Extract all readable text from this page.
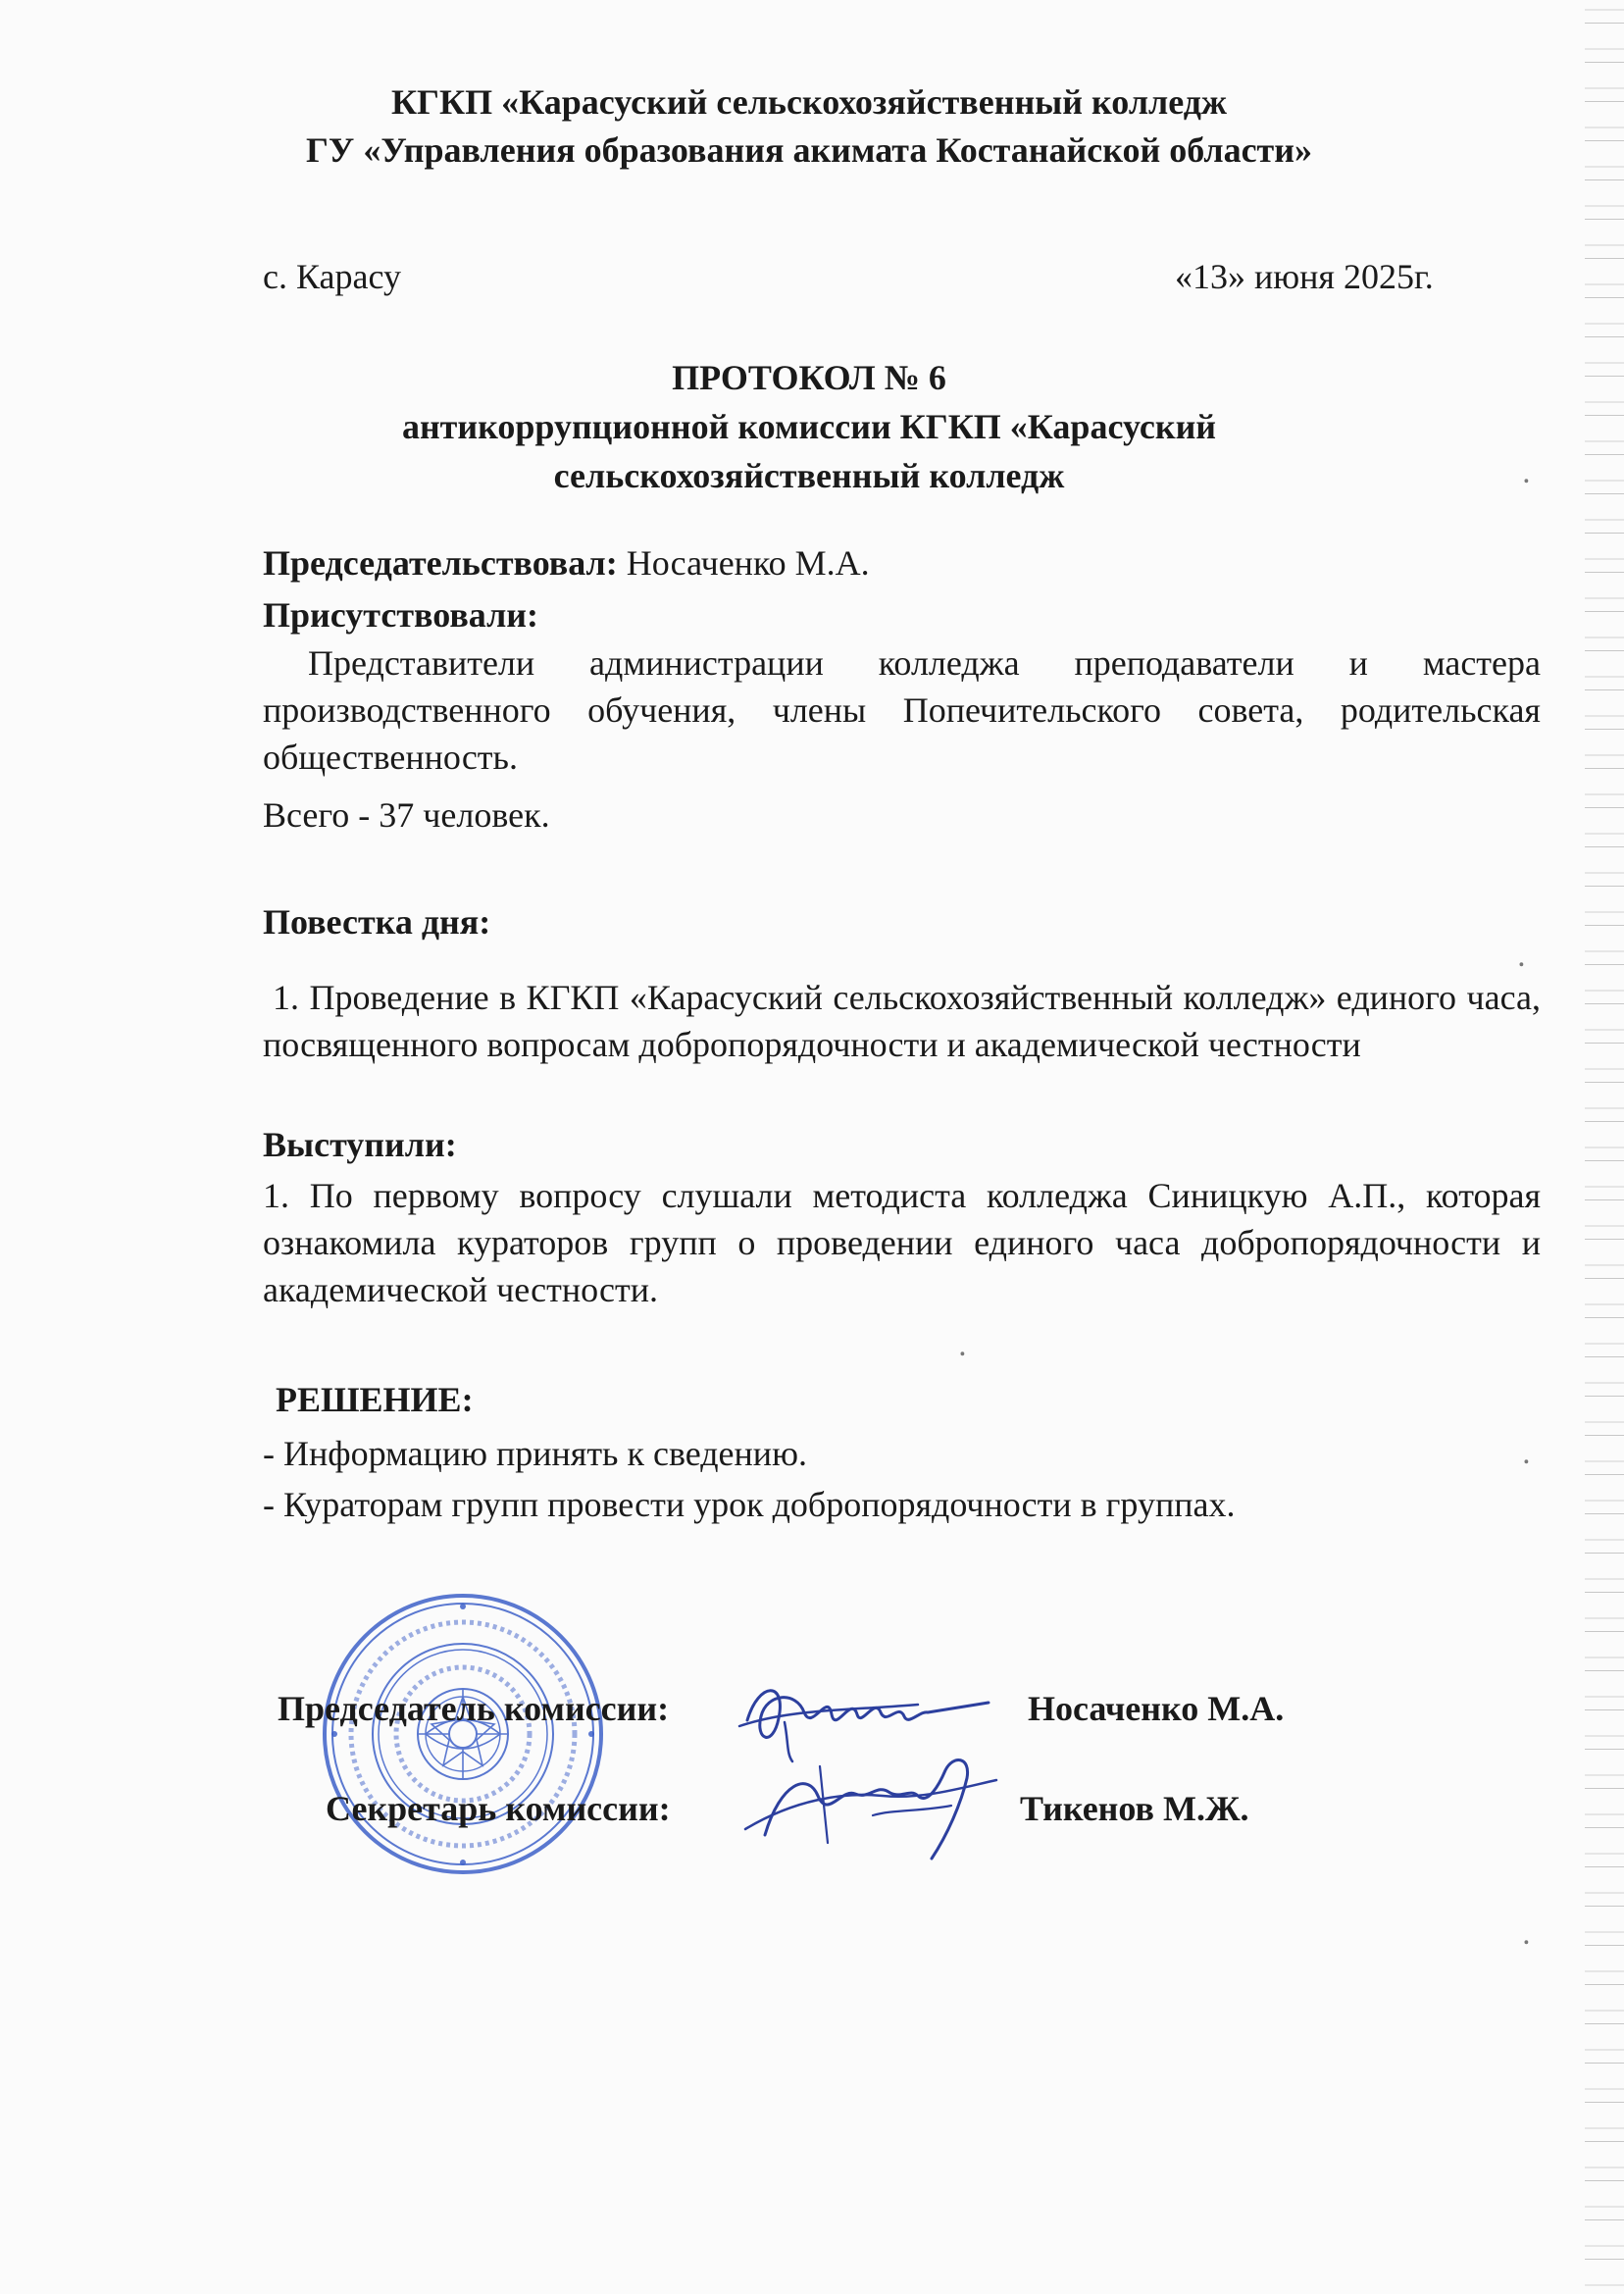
КГКП «Карасуский сельскохозяйственный колледж
ГУ «Управления образования акимата Костанайской области»
с. Карасу	«13» июня 2025г.
ПРОТОКОЛ № 6
антикоррупционной комиссии КГКП «Карасуский
сельскохозяйственный колледж
Председательствовал: Носаченко М.А.
Присутствовали:
Представители администрации колледжа преподаватели и мастера производственного обучения, члены Попечительского совета, родительская общественность.
Всего - 37 человек.
Повестка дня:
1. Проведение в КГКП «Карасуский сельскохозяйственный колледж» единого часа, посвященного вопросам добропорядочности и академической честности
Выступили:
1. По первому вопросу слушали методиста колледжа Синицкую А.П., которая ознакомила кураторов групп о проведении единого часа добропорядочности и академической честности.
РЕШЕНИЕ:
- Информацию принять к сведению.
- Кураторам групп провести урок добропорядочности в группах.
Председатель комиссии:	Носаченко М.А.
Секретарь комиссии:	Тикенов М.Ж.
ꞏ
ꞏ
ꞏ
ꞏ
ꞏ
